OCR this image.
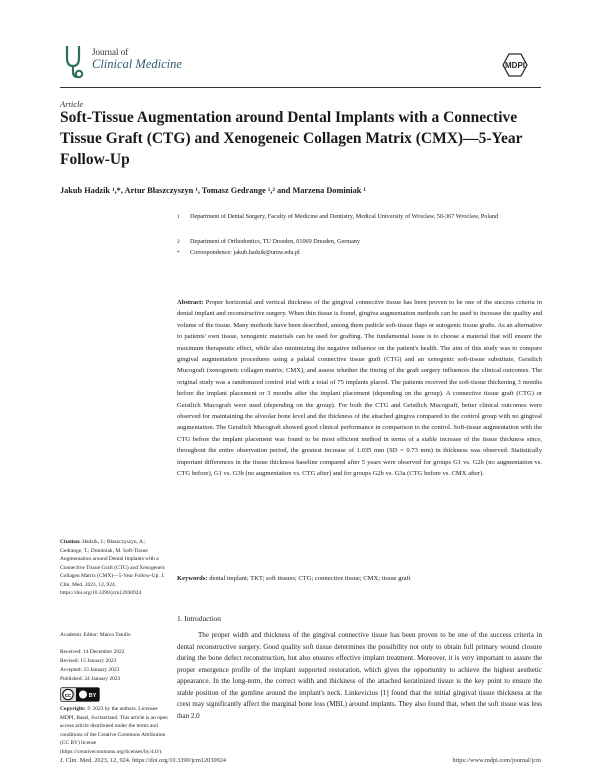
Journal of
Clinical Medicine	MDPI
Article
Soft-Tissue Augmentation around Dental Implants with a Connective Tissue Graft (CTG) and Xenogeneic Collagen Matrix (CMX)—5-Year Follow-Up
Jakub Hadzik ¹,*, Artur Błaszczyszyn ¹, Tomasz Gedrange ¹,² and Marzena Dominiak ¹
1 Department of Dental Surgery, Faculty of Medicine and Dentistry, Medical University of Wroclaw, 50-367 Wroclaw, Poland
2 Department of Orthodontics, TU Dresden, 01069 Dresden, Germany
* Correspondence: jakub.hadzik@umw.edu.pl
Abstract: Proper horizontal and vertical thickness of the gingival connective tissue has been proven to be one of the success criteria in dental implant and reconstructive surgery. When thin tissue is found, gingiva augmentation methods can be used to increase the quality and volume of the tissue. Many methods have been described, among them pedicle soft-tissue flaps or autogenic tissue grafts. As an alternative to patients' own tissue, xenogenic materials can be used for grafting. The fundamental issue is to choose a material that will ensure the maximum therapeutic effect, while also minimizing the negative influence on the patient's health. The aim of this study was to compare gingival augmentation procedures using a palatal connective tissue graft (CTG) and an xenogenic soft-tissue substitute, Geistlich Mucograft (xenogeneic collagen matrix; CMX), and assess whether the timing of the graft surgery influences the clinical outcomes. The original study was a randomized control trial with a total of 75 implants placed. The patients received the soft-tissue thickening 3 months before the implant placement or 3 months after the implant placement (depending on the group). A connective tissue graft (CTG) or Geistlich Mucograft were used (depending on the group). For both the CTG and Geistlich Mucograft, better clinical outcomes were observed for maintaining the alveolar bone level and the thickness of the attached gingiva compared to the control group with no gingival augmentation. The Geistlich Mucograft showed good clinical performance in comparison to the control. Soft-tissue augmentation with the CTG before the implant placement was found to be most efficient method in terms of a stable increase of the tissue thickness since, throughout the entire observation period, the greatest increase of 1.035 mm (SD = 0.73 mm) in thickness was observed. Statistically important differences in the tissue thickness baseline compared after 5 years were observed for groups G1 vs. G2b (no augmentation vs. CTG before), G1 vs. G3b (no augmentation vs. CTG after) and for groups G2b vs. G3a (CTG before vs. CMX after).
Keywords: dental implant; TKT; soft tissues; CTG; connective tissue; CMX; tissue graft
1. Introduction
The proper width and thickness of the gingival connective tissue has been proven to be one of the success criteria in dental reconstructive surgery. Good quality soft tissue determines the possibility not only to obtain full primary wound closure during the bone defect reconstruction, but also ensures effective implant treatment. Moreover, it is very important to assure the proper emergence profile of the implant supported restoration, which gives the opportunity to achieve the highest aesthetic appearance. In the long-term, the correct width and thickness of the attached keratinized tissue is the key point to ensure the stable position of the gumline around the implant's neck. Linkevicius [1] found that the initial gingival tissue thickness at the crest may significantly affect the marginal bone loss (MBL) around implants. They also found that, when the soft tissue was less than 2.0
Citation: Hadzik, J.; Błaszczyszyn, A.; Gedrange, T.; Dominiak, M. Soft-Tissue Augmentation around Dental Implants with a Connective Tissue Graft (CTG) and Xenogeneic Collagen Matrix (CMX)—5-Year Follow-Up. J. Clin. Med. 2023, 12, 924. https://doi.org/10.3390/jcm12030924
Academic Editor: Marco Tatullo
Received: 14 December 2022
Revised: 15 January 2023
Accepted: 23 January 2023
Published: 24 January 2023
cc	BY
Copyright: © 2023 by the authors. Licensee MDPI, Basel, Switzerland. This article is an open access article distributed under the terms and conditions of the Creative Commons Attribution (CC BY) license (https://creativecommons.org/licenses/by/4.0/).
J. Clin. Med. 2023, 12, 924. https://doi.org/10.3390/jcm12030924	https://www.mdpi.com/journal/jcm
